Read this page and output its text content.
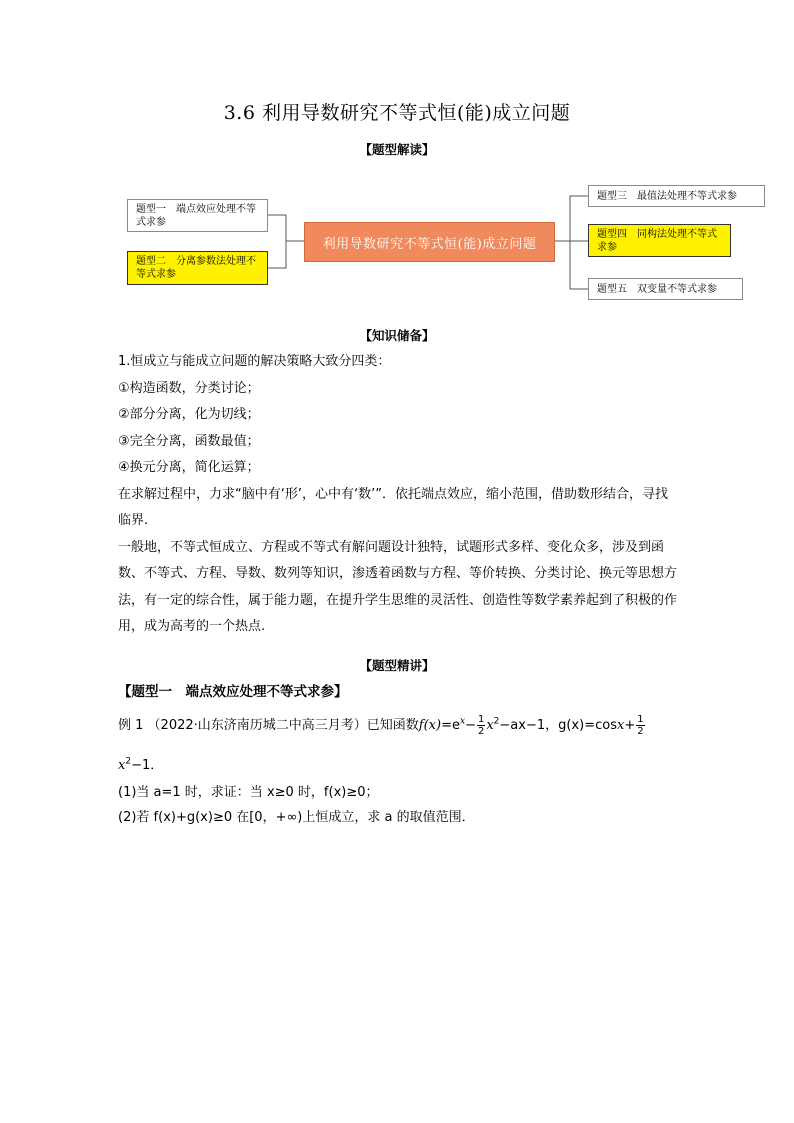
3.6 利用导数研究不等式恒(能)成立问题
【题型解读】
题型一　端点效应处理不等式求参
题型二　分离参数法处理不等式求参
利用导数研究不等式恒(能)成立问题
题型三　最值法处理不等式求参
题型四　同构法处理不等式求参
题型五　双变量不等式求参
【知识储备】

1.恒成立与能成立问题的解决策略大致分四类：

①构造函数，分类讨论；

②部分分离，化为切线；

③完全分离，函数最值；

④换元分离，简化运算；

在求解过程中，力求“脑中有‘形’，心中有‘数’”．依托端点效应，缩小范围，借助数形结合，寻找临界.

一般地，不等式恒成立、方程或不等式有解问题设计独特，试题形式多样、变化众多，涉及到函数、不等式、方程、导数、数列等知识，渗透着函数与方程、等价转换、分类讨论、换元等思想方法，有一定的综合性，属于能力题，在提升学生思维的灵活性、创造性等数学素养起到了积极的作用，成为高考的一个热点.

【题型精讲】
【题型一　端点效应处理不等式求参】
例 1 （2022·山东济南历城二中高三月考）已知函数$f(x)=e^x- \frac{1}{2} x^2-ax-1$，$g(x)=\cos x+ \frac{1}{2}$
$x^2-1$．
(1)当 a=1 时，求证：当 x≥0 时，f(x)≥0；
(2)若 f(x)+g(x)≥0 在[0，+∞)上恒成立，求 a 的取值范围．
